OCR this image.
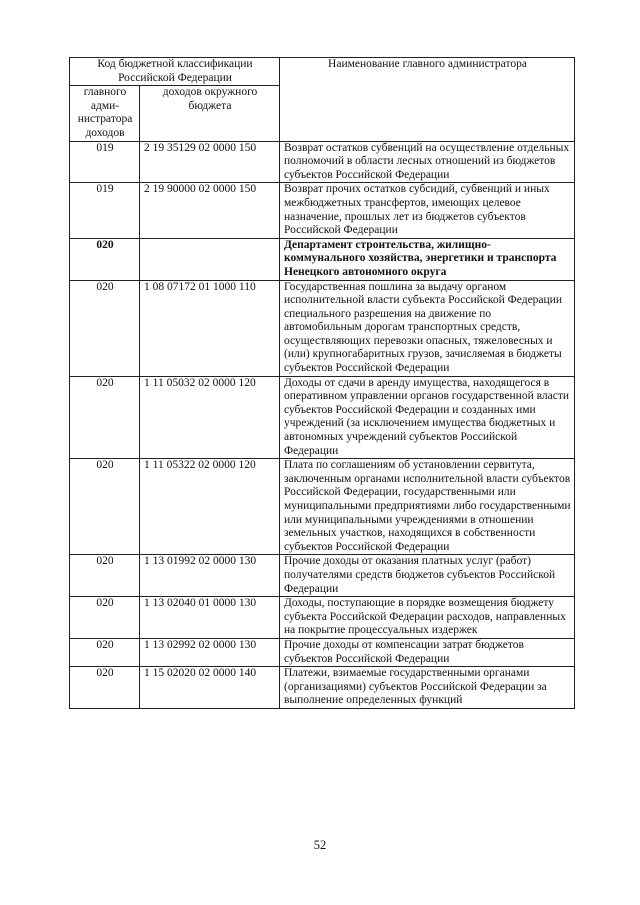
Код бюджетной классификации Российской Федерации		Наименование главного администратора
главного адми-нистратора доходов	доходов окружного бюджета	
019	2 19 35129 02 0000 150	Возврат остатков субвенций на осуществление отдельных полномочий в области лесных отношений из бюджетов субъектов Российской Федерации
019	2 19 90000 02 0000 150	Возврат прочих остатков субсидий, субвенций и иных межбюджетных трансфертов, имеющих целевое назначение, прошлых лет из бюджетов субъектов Российской Федерации
020		Департамент строительства, жилищно-коммунального хозяйства, энергетики и транспорта Ненецкого автономного округа
020	1 08 07172 01 1000 110	Государственная пошлина за выдачу органом исполнительной власти субъекта Российской Федерации специального разрешения на движение по автомобильным дорогам транспортных средств, осуществляющих перевозки опасных, тяжеловесных и (или) крупногабаритных грузов, зачисляемая в бюджеты субъектов Российской Федерации
020	1 11 05032 02 0000 120	Доходы от сдачи в аренду имущества, находящегося в оперативном управлении органов государственной власти субъектов Российской Федерации и созданных ими учреждений (за исключением имущества бюджетных и автономных учреждений субъектов Российской Федерации
020	1 11 05322 02 0000 120	Плата по соглашениям об установлении сервитута, заключенным органами исполнительной власти субъектов Российской Федерации, государственными или муниципальными предприятиями либо государственными или муниципальными учреждениями в отношении земельных участков, находящихся в собственности субъектов Российской Федерации
020	1 13 01992 02 0000 130	Прочие доходы от оказания платных услуг (работ) получателями средств бюджетов субъектов Российской Федерации
020	1 13 02040 01 0000 130	Доходы, поступающие в порядке возмещения бюджету субъекта Российской Федерации расходов, направленных на покрытие процессуальных издержек
020	1 13 02992 02 0000 130	Прочие доходы от компенсации затрат бюджетов субъектов Российской Федерации
020	1 15 02020 02 0000 140	Платежи, взимаемые государственными органами (организациями) субъектов Российской Федерации за выполнение определенных функций
52
